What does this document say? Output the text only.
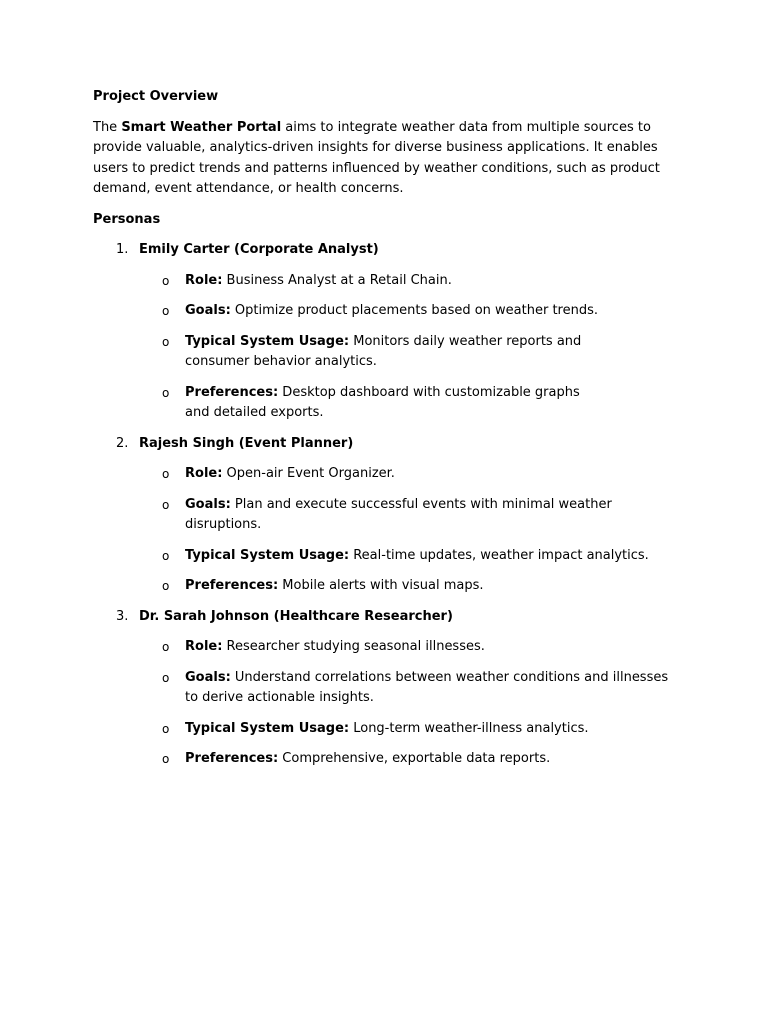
Project Overview
The Smart Weather Portal aims to integrate weather data from multiple sources to provide valuable, analytics-driven insights for diverse business applications. It enables users to predict trends and patterns influenced by weather conditions, such as product demand, event attendance, or health concerns.
Personas
1. Emily Carter (Corporate Analyst)
o Role: Business Analyst at a Retail Chain.
o Goals: Optimize product placements based on weather trends.
o Typical System Usage: Monitors daily weather reports and consumer behavior analytics.
o Preferences: Desktop dashboard with customizable graphs and detailed exports.
2. Rajesh Singh (Event Planner)
o Role: Open-air Event Organizer.
o Goals: Plan and execute successful events with minimal weather disruptions.
o Typical System Usage: Real-time updates, weather impact analytics.
o Preferences: Mobile alerts with visual maps.
3. Dr. Sarah Johnson (Healthcare Researcher)
o Role: Researcher studying seasonal illnesses.
o Goals: Understand correlations between weather conditions and illnesses to derive actionable insights.
o Typical System Usage: Long-term weather-illness analytics.
o Preferences: Comprehensive, exportable data reports.
